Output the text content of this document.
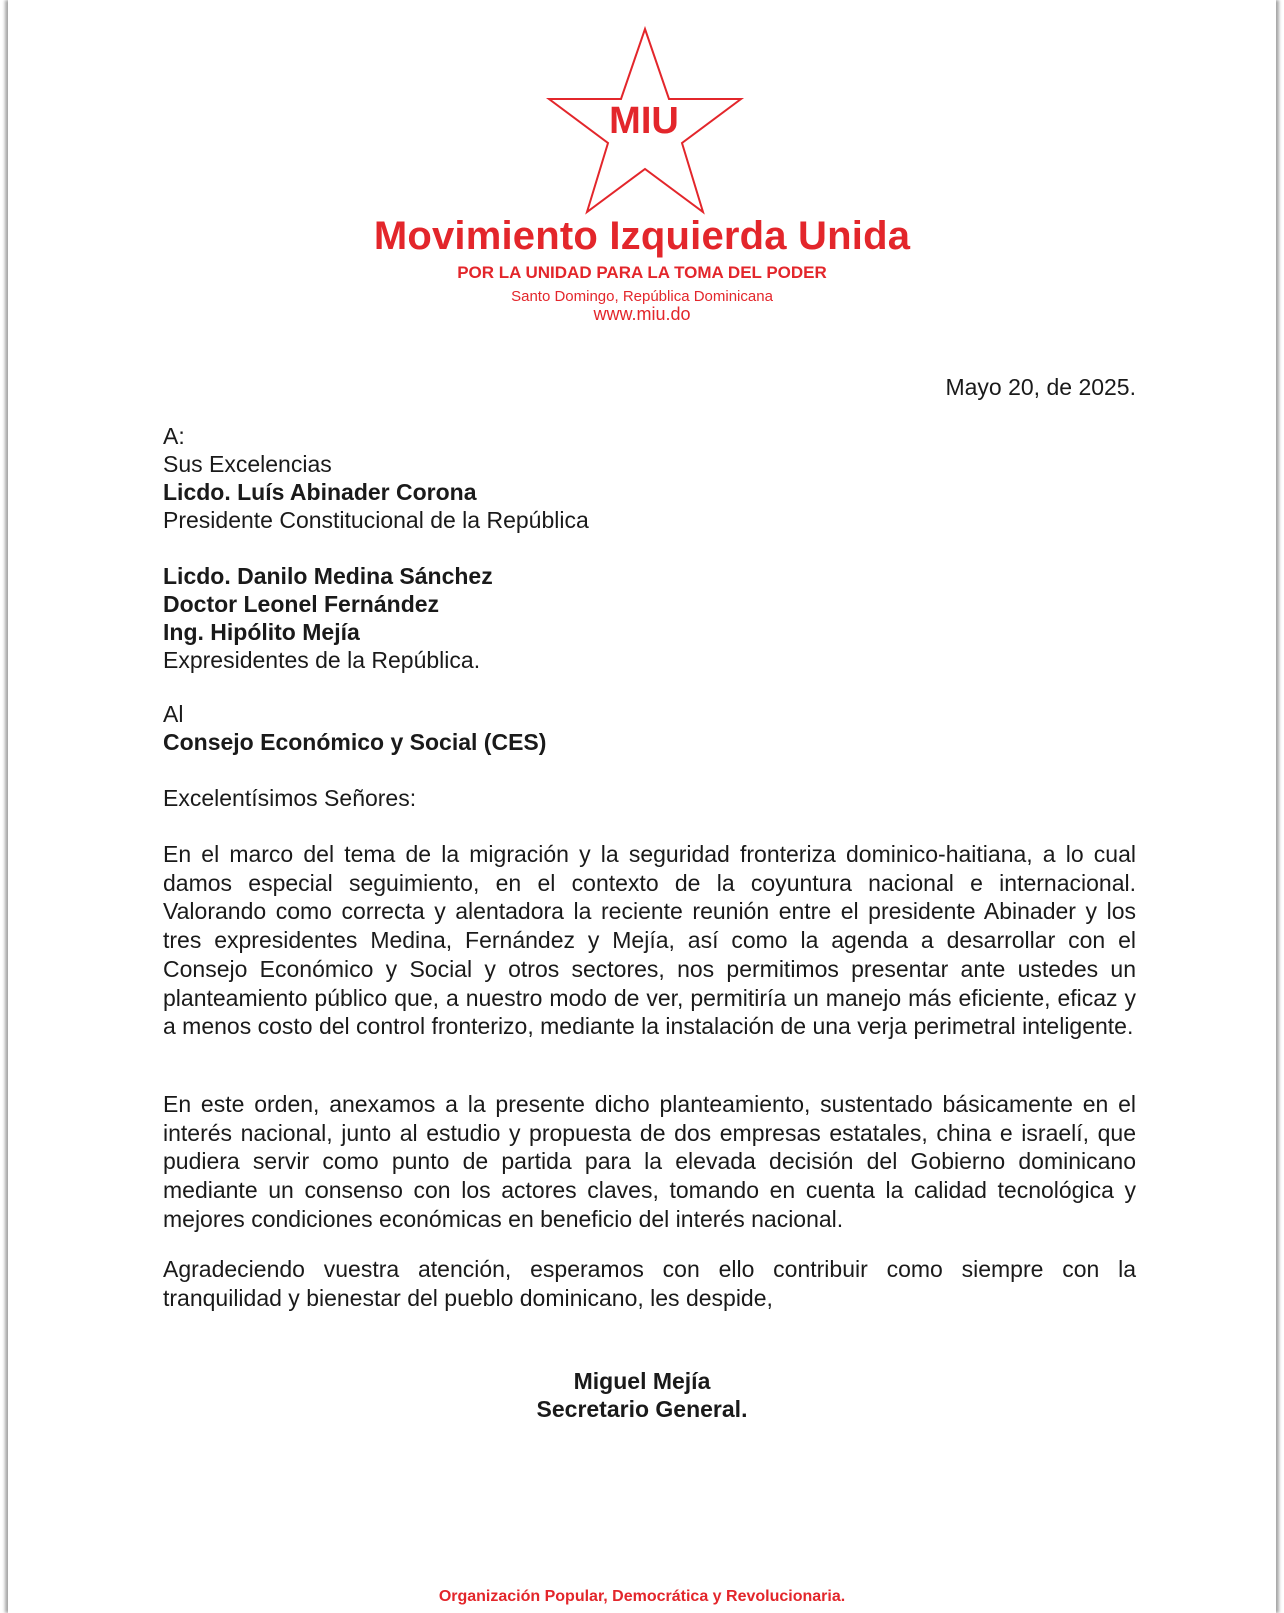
MIU
Movimiento Izquierda Unida
POR LA UNIDAD PARA LA TOMA DEL PODER
Santo Domingo, República Dominicana
www.miu.do
Mayo 20, de 2025.
A:
Sus Excelencias
Licdo. Luís Abinader Corona
Presidente Constitucional de la República
Licdo. Danilo Medina Sánchez
Doctor Leonel Fernández
Ing. Hipólito Mejía
Expresidentes de la República.
Al
Consejo Económico y Social (CES)
Excelentísimos Señores:
En el marco del tema de la migración y la seguridad fronteriza dominico-haitiana, a lo cual damos especial seguimiento, en el contexto de la coyuntura nacional e internacional. Valorando como correcta y alentadora la reciente reunión entre el presidente Abinader y los tres expresidentes Medina, Fernández y Mejía, así como la agenda a desarrollar con el Consejo Económico y Social y otros sectores, nos permitimos presentar ante ustedes un planteamiento público que, a nuestro modo de ver, permitiría un manejo más eficiente, eficaz y a menos costo del control fronterizo, mediante la instalación de una verja perimetral inteligente.
En este orden, anexamos a la presente dicho planteamiento, sustentado básicamente en el interés nacional, junto al estudio y propuesta de dos empresas estatales, china e israelí, que pudiera servir como punto de partida para la elevada decisión del Gobierno dominicano mediante un consenso con los actores claves, tomando en cuenta la calidad tecnológica y mejores condiciones económicas en beneficio del interés nacional.
Agradeciendo vuestra atención, esperamos con ello contribuir como siempre con la tranquilidad y bienestar del pueblo dominicano, les despide,
Miguel Mejía
Secretario General.
Organización Popular, Democrática y Revolucionaria.
